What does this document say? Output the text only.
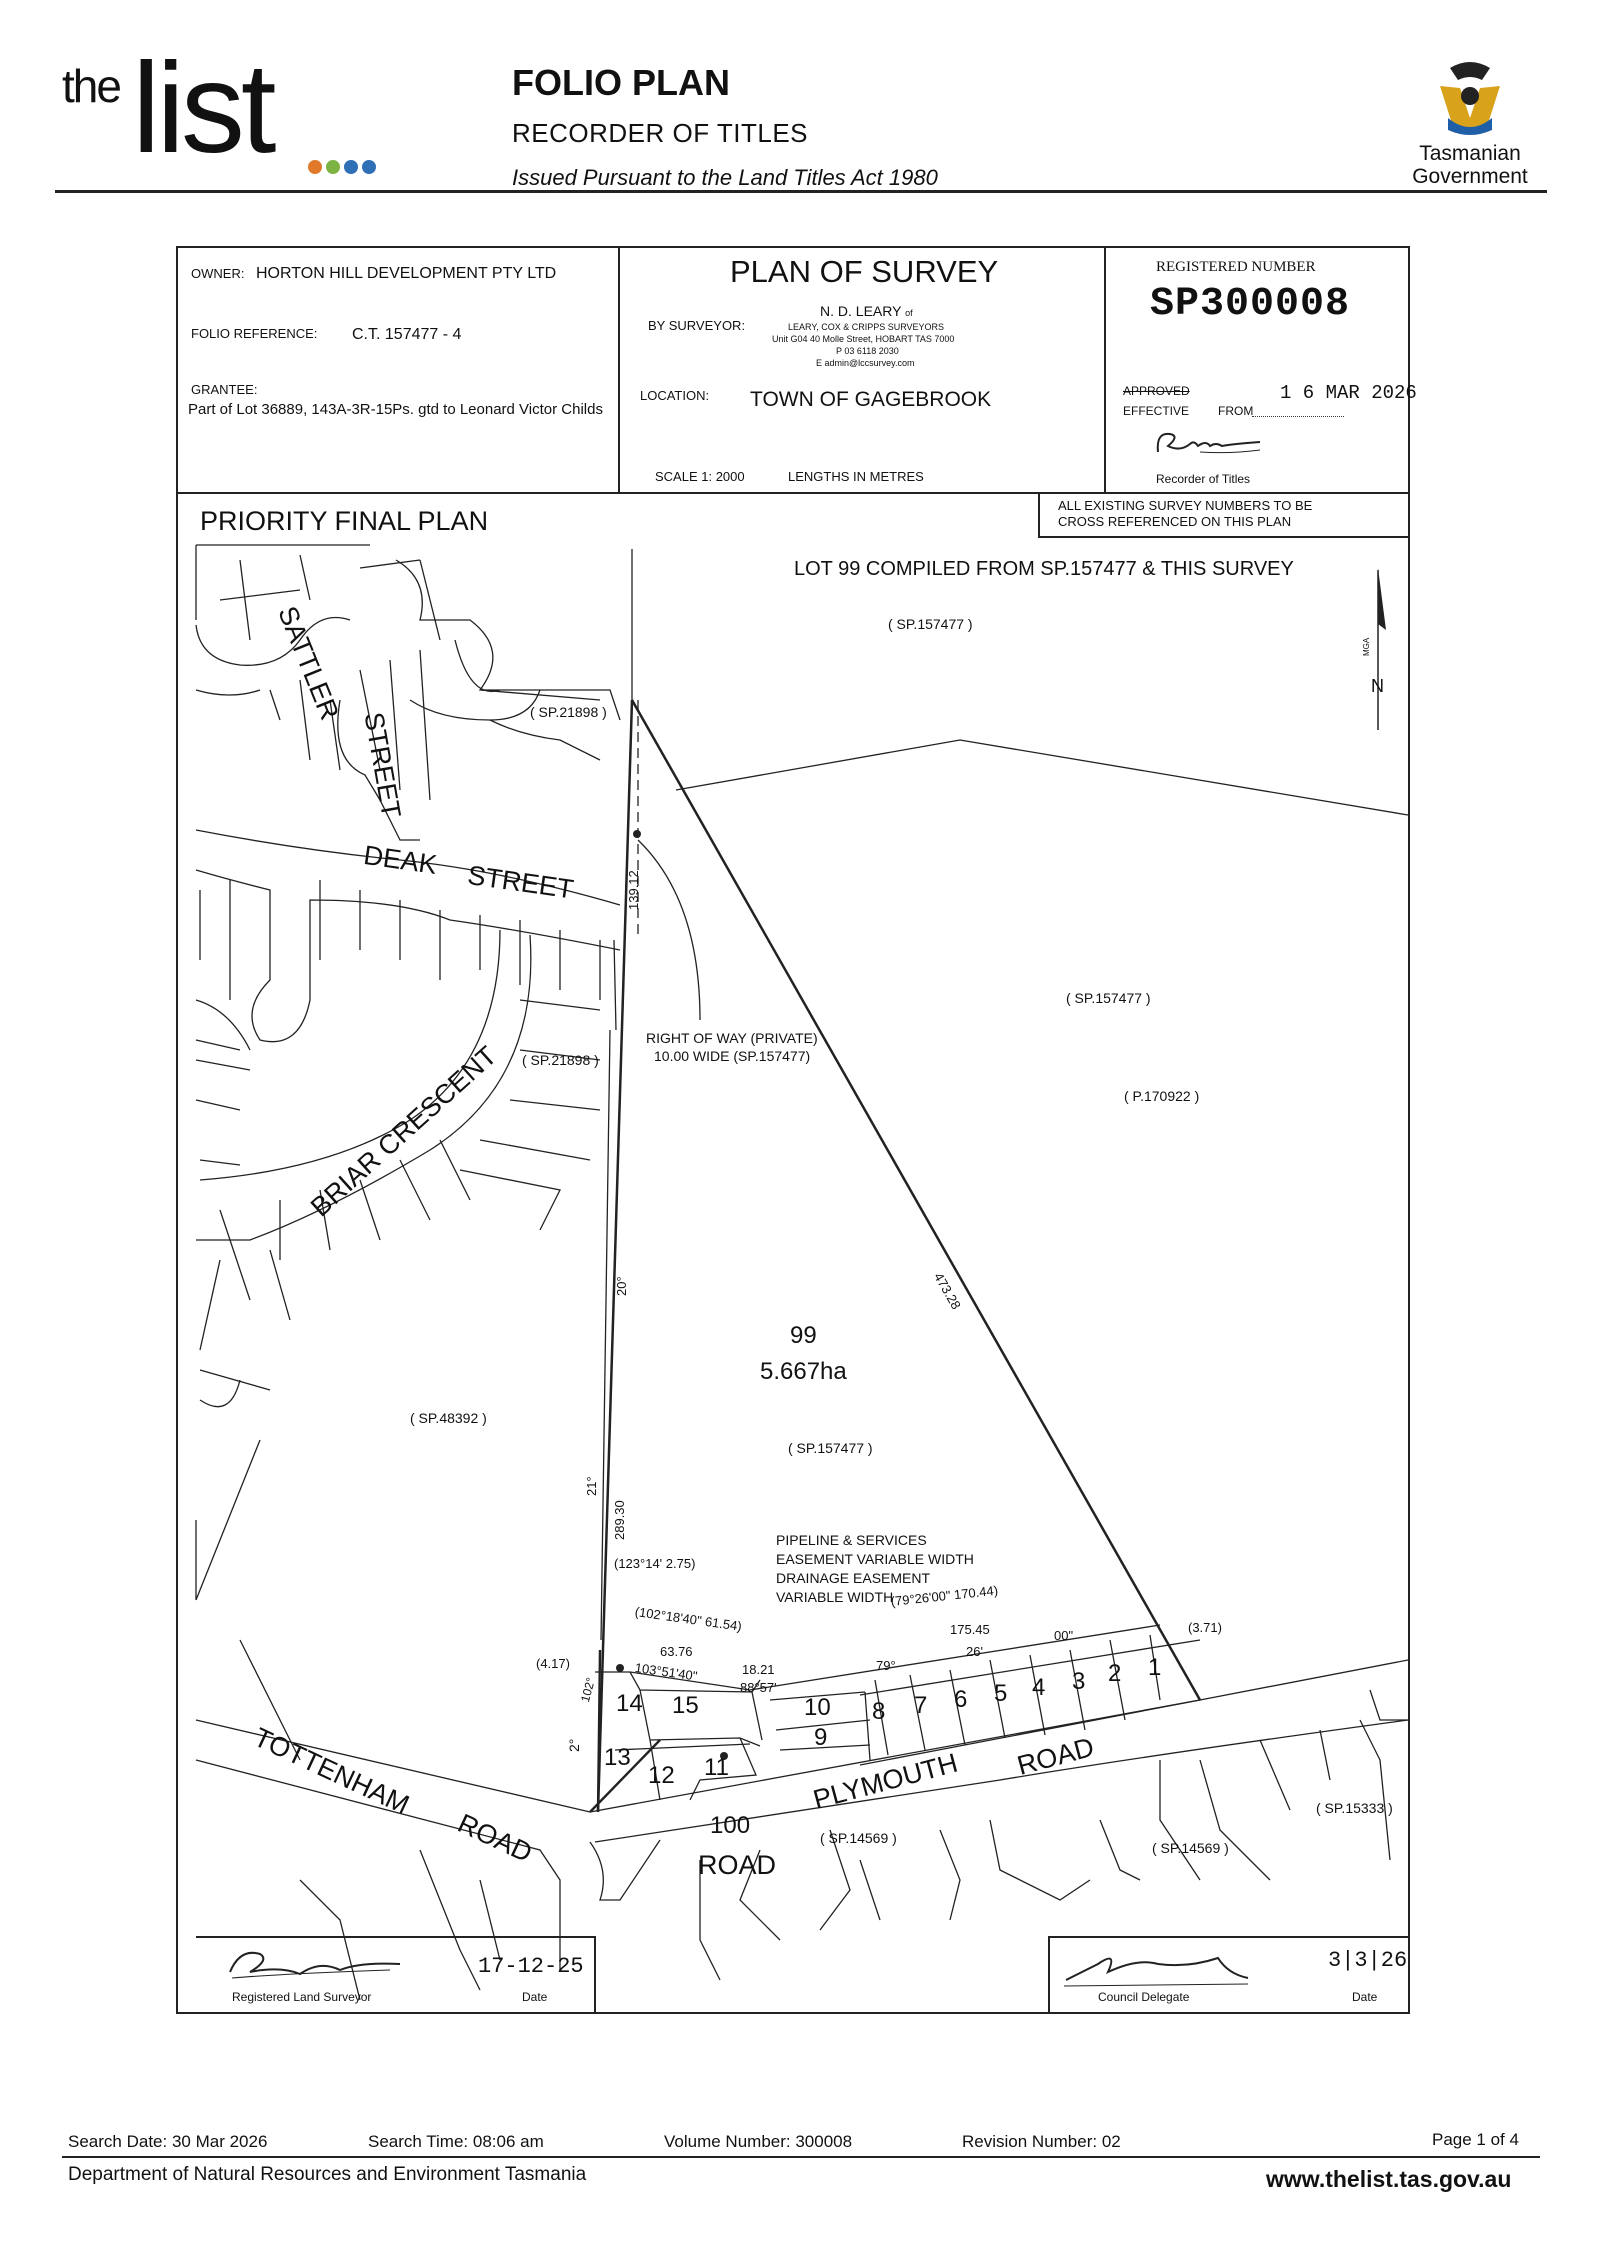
the list	FOLIO PLAN
RECORDER OF TITLES
Issued Pursuant to the Land Titles Act 1980
Tasmanian
Government
OWNER: HORTON HILL DEVELOPMENT PTY LTD
FOLIO REFERENCE: C.T. 157477 - 4
GRANTEE:
Part of Lot 36889, 143A-3R-15Ps. gtd to Leonard Victor Childs
PLAN OF SURVEY
BY SURVEYOR:
N. D. LEARY of
LEARY, COX & CRIPPS SURVEYORS
Unit G04 40 Molle Street, HOBART TAS 7000
P 03 6118 2030
E admin@lccsurvey.com
LOCATION: TOWN OF GAGEBROOK
SCALE 1: 2000	LENGTHS IN METRES
REGISTERED NUMBER
SP300008
APPROVED
EFFECTIVE FROM
1 6 MAR 2026
Recorder of Titles
ALL EXISTING SURVEY NUMBERS TO BE CROSS REFERENCED ON THIS PLAN
PRIORITY FINAL PLAN
LOT 99 COMPILED FROM SP.157477 & THIS SURVEY
( SP.157477 )
SATTLER
STREET
DEAK
STREET
BRIAR CRESCENT
TOTTENHAM
ROAD
PLYMOUTH ROAD
ROAD
( SP.21898 )
( SP.157477 )
( SP.21898 )
( P.170922 )
( SP.48392 )
( SP.157477 )
( SP.14569 )
( SP.14569 )
( SP.15333 )
RIGHT OF WAY (PRIVATE)
10.00 WIDE (SP.157477)
99
5.667ha
PIPELINE & SERVICES
EASEMENT VARIABLE WIDTH
DRAINAGE EASEMENT
VARIABLE WIDTH
139.12
473.28
289.30
20°
21°
(123°14' 2.75)
(102°18'40" 61.54)
(79°26'00" 170.44)
(3.71)
(4.17)
63.76
103°51'40"	18.21
88°57'
175.45
79°
26'
00"
2°
102°
1
2
3
4
5
6
7
8
9
10
11
12
13
14 15
100
N
MGA
17-12-25
Registered Land Surveyor	Date
3|3|26
Council Delegate	Date
Search Date: 30 Mar 2026	Search Time: 08:06 am	Volume Number: 300008	Revision Number: 02	Page 1 of 4
Department of Natural Resources and Environment Tasmania	www.thelist.tas.gov.au
